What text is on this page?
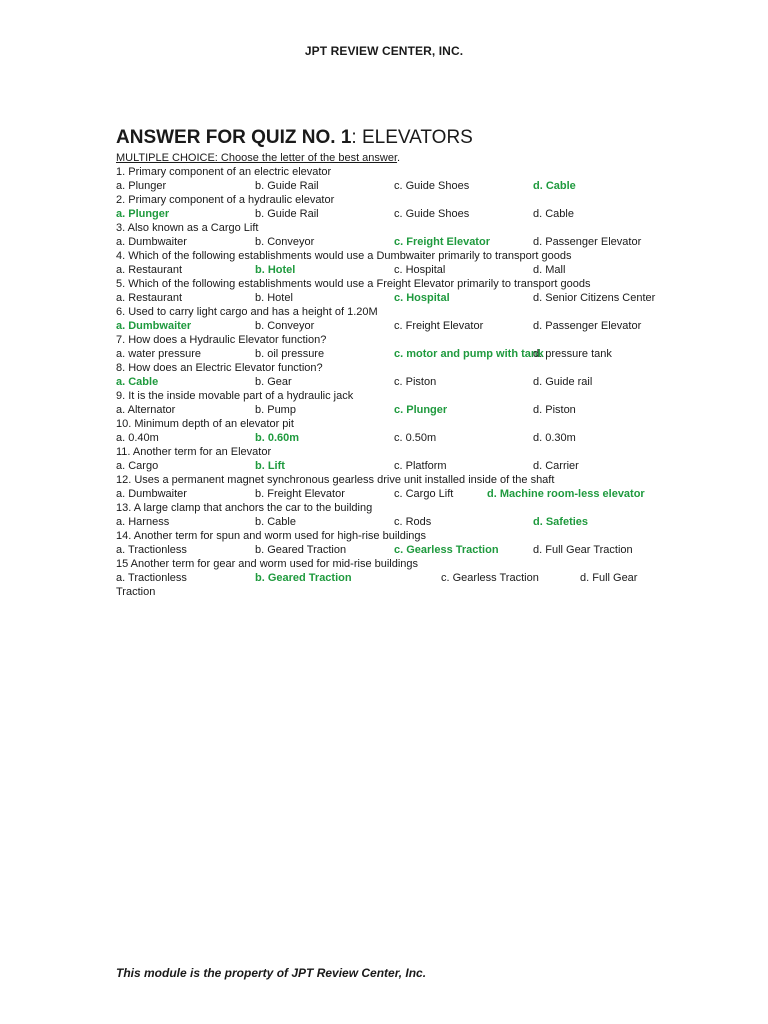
JPT REVIEW CENTER, INC.
ANSWER FOR QUIZ NO. 1: ELEVATORS
MULTIPLE CHOICE: Choose the letter of the best answer.
1. Primary component of an electric elevator
a. Plunger	b. Guide Rail	c. Guide Shoes	d. Cable
2. Primary component of a hydraulic elevator
a. Plunger	b. Guide Rail	c. Guide Shoes	d. Cable
3. Also known as a Cargo Lift
a. Dumbwaiter	b. Conveyor	c. Freight Elevator	d. Passenger Elevator
4. Which of the following establishments would use a Dumbwaiter primarily to transport goods
a. Restaurant	b. Hotel	c. Hospital	d. Mall
5. Which of the following establishments would use a Freight Elevator primarily to transport goods
a. Restaurant	b. Hotel	c. Hospital	d. Senior Citizens Center
6. Used to carry light cargo and has a height of 1.20M
a. Dumbwaiter	b. Conveyor	c. Freight Elevator	d. Passenger Elevator
7. How does a Hydraulic Elevator function?
a. water pressure	b. oil pressure	c. motor and pump with tank
d. pressure tank
8. How does an Electric Elevator function?
a. Cable	b. Gear	c. Piston	d. Guide rail
9. It is the inside movable part of a hydraulic jack
a. Alternator	b. Pump	c. Plunger	d. Piston
10. Minimum depth of an elevator pit
a. 0.40m	b. 0.60m	c. 0.50m	d. 0.30m
11. Another term for an Elevator
a. Cargo	b. Lift	c. Platform	d. Carrier
12. Uses a permanent magnet synchronous gearless drive unit installed inside of the shaft
a. Dumbwaiter	b. Freight Elevator	c. Cargo Lift	d. Machine room-less elevator
13. A large clamp that anchors the car to the building
a. Harness	b. Cable	c. Rods	d. Safeties
14. Another term for spun and worm used for high-rise buildings
a. Tractionless	b. Geared Traction	c. Gearless Traction	d. Full Gear Traction
15 Another term for gear and worm used for mid-rise buildings
a. Tractionless	b. Geared Traction	c. Gearless Traction	d. Full Gear
Traction
This module is the property of JPT Review Center, Inc.
